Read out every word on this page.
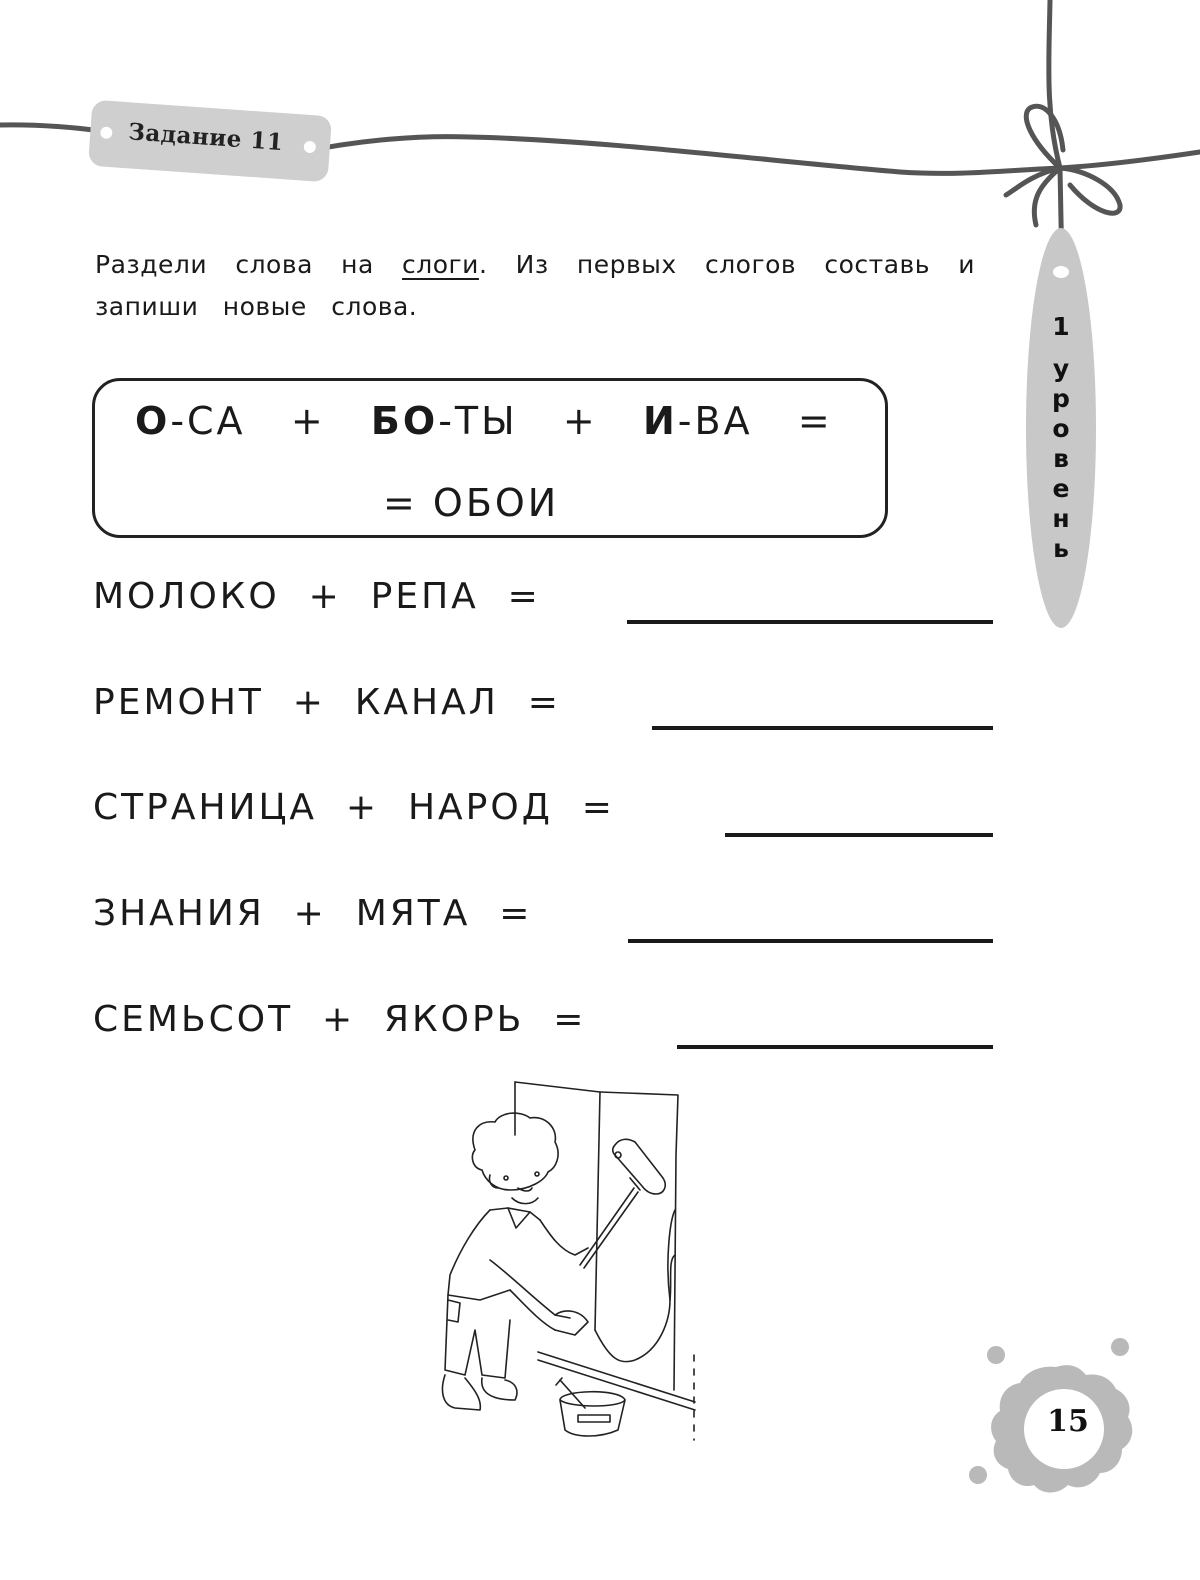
Задание 11
Раздели слова на слоги. Из первых слогов составь и запиши новые слова.
О-СА + БО-ТЫ + И-ВА =
= ОБОИ
1
у
р
о
в
е
н
ь
МОЛОКО  +  РЕПА  =
РЕМОНТ  +  КАНАЛ  =
СТРАНИЦА  +  НАРОД  =
ЗНАНИЯ  +  МЯТА  =
СЕМЬСОТ  +  ЯКОРЬ  =
15
